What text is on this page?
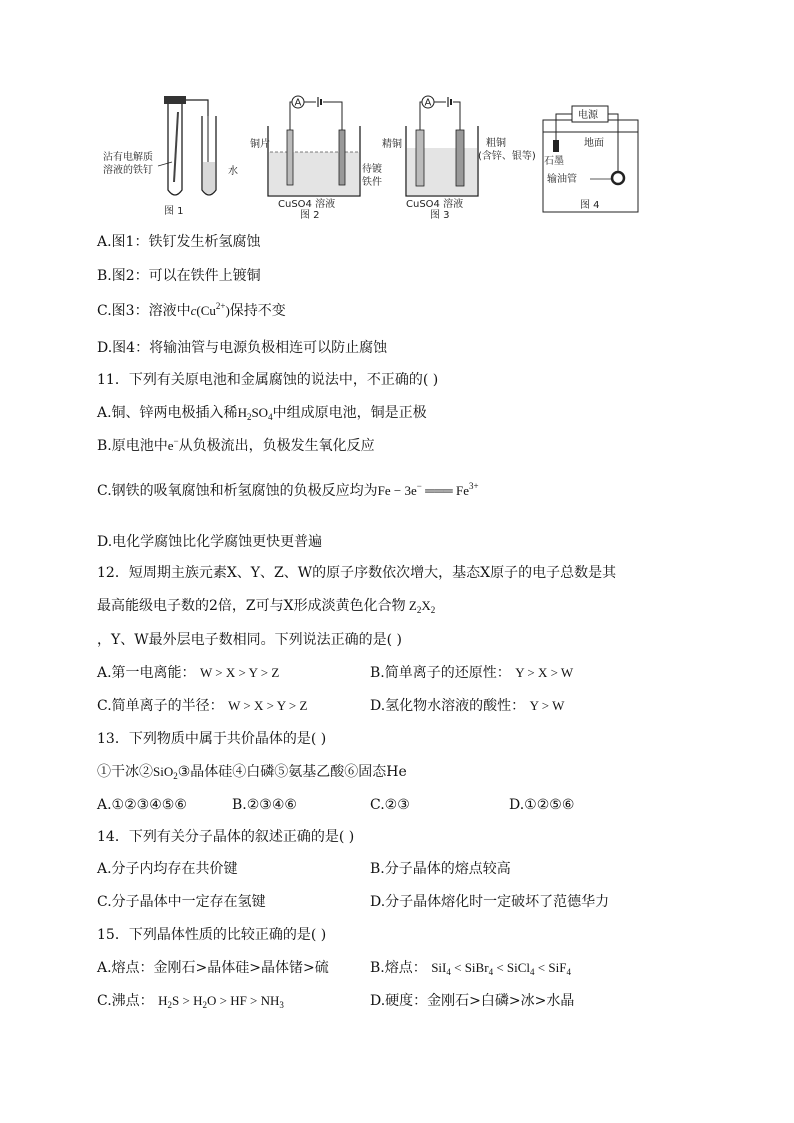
沾有电解质
溶液的铁钉	水
图 1
A
铜片
待镀
铁件
CuSO4 溶液
图 2
A
精铜	粗铜
(含锌、银等)
CuSO4 溶液
图 3
电源
地面
石墨
输油管
图 4
A.图1：铁钉发生析氢腐蚀
B.图2：可以在铁件上镀铜
C.图3：溶液中$c(Cu^{2+})$保持不变
D.图4：将输油管与电源负极相连可以防止腐蚀
11．下列有关原电池和金属腐蚀的说法中，不正确的( )
A.铜、锌两电极插入稀$H_2SO_4$中组成原电池，铜是正极
B.原电池中e−从负极流出，负极发生氧化反应
C.钢铁的吸氧腐蚀和析氢腐蚀的负极反应均为Fe − 3e− ═══ $Fe^{3+}$
D.电化学腐蚀比化学腐蚀更快更普遍
12．短周期主族元素X、Y、Z、W的原子序数依次增大，基态X原子的电子总数是其
最高能级电子数的2倍，Z可与X形成淡黄色化合物 $Z_2X_2$
，Y、W最外层电子数相同。下列说法正确的是( )
A.第一电离能： W > X > Y > Z	B.简单离子的还原性： Y > X > W
C.简单离子的半径： W > X > Y > Z	D.氢化物水溶液的酸性： Y > W
13．下列物质中属于共价晶体的是( )
①干冰②SiO$_2$③晶体硅④白磷⑤氨基乙酸⑥固态He
A.①②③④⑤⑥	B.②③④⑥	C.②③	D.①②⑤⑥
14．下列有关分子晶体的叙述正确的是( )
A.分子内均存在共价键	B.分子晶体的熔点较高
C.分子晶体中一定存在氢键	D.分子晶体熔化时一定破坏了范德华力
15．下列晶体性质的比较正确的是( )
A.熔点：金刚石>晶体硅>晶体锗>硫	B.熔点： SiI$_4$ < SiBr$_4$ < SiCl$_4$ < SiF$_4$
C.沸点： $H_2S > H_2O$ > HF > $NH_3$	D.硬度：金刚石>白磷>冰>水晶
